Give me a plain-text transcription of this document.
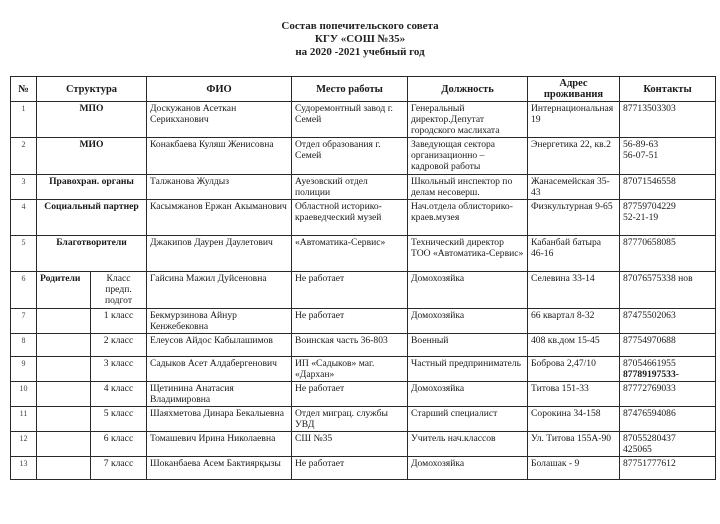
Состав попечительского совета
КГУ «СОШ №35»
на 2020 -2021 учебный год
№	Структура		ФИО	Место работы	Должность	Адрес проживания	Контакты
1	МПО		Доскужанов Асеткан Серикханович	Судоремонтный завод г. Семей	Генеральный директор.Депутат городского маслихата	Интернациональная 19	87713503303
2	МИО		Конакбаева Куляш Женисовна	Отдел образования г. Семей	Заведующая сектора организационно – кадровой работы	Энергетика 22, кв.2	56-89-63
56-07-51
3	Правохран. органы		Талжанова Жулдыз	Ауезовский отдел полиции	Школьный инспектор по делам несоверш.	Жанасемейская 35-43	87071546558
4	Социальный партнер		Касымжанов Ержан Акыманович	Областной историко-краеведческий музей	Нач.отдела облисторико-краев.музея	Физкультурная 9-65	87759704229
52-21-19
5	Благотворители		Джакипов Даурен Даулетович	«Автоматика-Сервис»	Технический директор ТОО «Автоматика-Сервис»	Кабанбай батыра 46-16	87770658085
6	Родители	Класс предп. подгот	Гайсина Мажил Дуйсеновна	Не работает	Домохозяйка	Селевина 33-14	87076575338 нов
7		1 класс	Бекмурзинова Айнур Кенжебековна	Не работает	Домохозяйка	66 квартал 8-32	87475502063
8		2 класс	Елеусов Айдос Кабылашимов	Воинская часть 36-803	Военный	408 кв.дом 15-45	87754970688
9		3 класс	Садыков Асет Алдабергенович	ИП «Садыков» маг. «Дархан»	Частный предприниматель	Боброва 2,47/10	87054661955
87789197533-

10		4 класс	Щетинина Анатасия Владимировна	Не работает	Домохозяйка	Титова 151-33	87772769033
11		5 класс	Шаяхметова Динара Бекалыевна	Отдел миграц. службы УВД	Старший специалист	Сорокина 34-158	87476594086
12		6 класс	Томашевич Ирина Николаевна	СШ №35	Учитель нач.классов	Ул. Титова 155А-90	87055280437
425065
13		7 класс	Шоканбаева Асем Бактиярқызы	Не работает	Домохозяйка	Болашак - 9	87751777612
